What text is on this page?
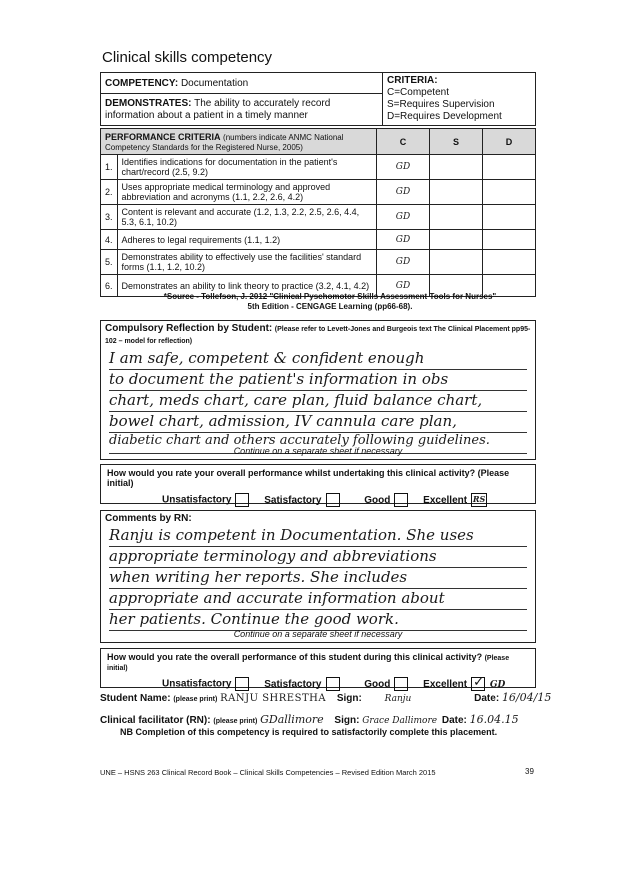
Clinical skills competency
COMPETENCY: Documentation	CRITERIA:
C=Competent
S=Requires Supervision
D=Requires Development

DEMONSTRATES: The ability to accurately record information about a patient in a timely manner
PERFORMANCE CRITERIA (numbers indicate ANMC National Competency Standards for the Registered Nurse, 2005)		C	S	D
1.	Identifies indications for documentation in the patient's chart/record (2.5, 9.2)	GD		
2.	Uses appropriate medical terminology and approved abbreviation and acronyms (1.1, 2.2, 2.6, 4.2)	GD		
3.	Content is relevant and accurate (1.2, 1.3, 2.2, 2.5, 2.6, 4.4, 5.3, 6.1, 10.2)	GD		
4.	Adheres to legal requirements (1.1, 1.2)	GD		
5.	Demonstrates ability to effectively use the facilities' standard forms (1.1, 1.2, 10.2)	GD		
6.	Demonstrates an ability to link theory to practice (3.2, 4.1, 4.2)	GD		
*Source - Tollefson, J. 2012 "Clinical Pyschomotor Skills Assessment Tools for Nurses"
5th Edition - CENGAGE Learning (pp66-68).
Compulsory Reflection by Student: (Please refer to Levett-Jones and Burgeois text The Clinical Placement pp95-102 – model for reflection)
I am safe, competent & confident enough
to document the patient's information in obs
chart, meds chart, care plan, fluid balance chart,
bowel chart, admission, IV cannula care plan,
diabetic chart and others accurately following guidelines.
Continue on a separate sheet if necessary
How would you rate your overall performance whilst undertaking this clinical activity? (Please initial)
Unsatisfactory	Satisfactory	Good	Excellent RS
Comments by RN:
Ranju is competent in Documentation. She uses
appropriate terminology and abbreviations
when writing her reports. She includes
appropriate and accurate information about
her patients. Continue the good work.
Continue on a separate sheet if necessary
How would you rate the overall performance of this student during this clinical activity? (Please initial)
Unsatisfactory	Satisfactory	Good	Excellent ✓ GD
Student Name: (please print) RANJU SHRESTHA Sign:	Ranju	Date: 16/04/15
Clinical facilitator (RN): (please print) GDallimore Sign: Grace Dallimore Date: 16.04.15
NB Completion of this competency is required to satisfactorily complete this placement.
UNE – HSNS 263 Clinical Record Book – Clinical Skills Competencies – Revised Edition March 2015	39
